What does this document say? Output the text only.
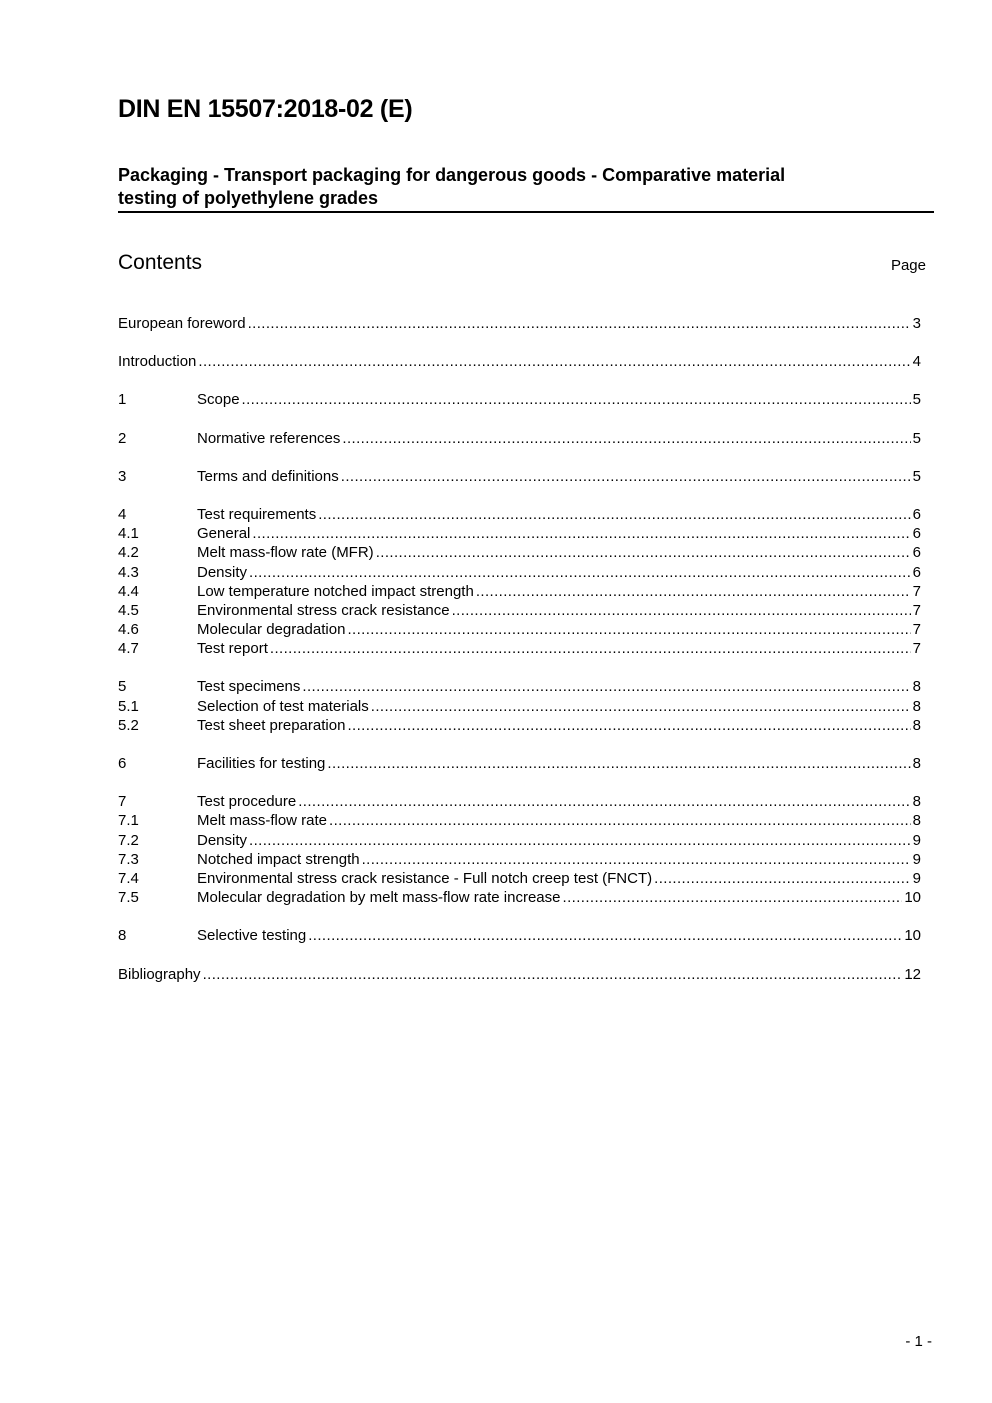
DIN EN 15507:2018-02 (E)
Packaging - Transport packaging for dangerous goods - Comparative material
testing of polyethylene grades
Contents	Page
European foreword .....	3
Introduction .....	4
1	Scope .....	5
2	Normative references .....	5
3	Terms and definitions .....	5
4	Test requirements .....	6
4.1	General .....	6
4.2	Melt mass-flow rate (MFR) .....	6
4.3	Density .....	6
4.4	Low temperature notched impact strength .....	7
4.5	Environmental stress crack resistance .....	7
4.6	Molecular degradation .....	7
4.7	Test report .....	7
5	Test specimens .....	8
5.1	Selection of test materials .....	8
5.2	Test sheet preparation .....	8
6	Facilities for testing .....	8
7	Test procedure .....	8
7.1	Melt mass-flow rate .....	8
7.2	Density .....	9
7.3	Notched impact strength .....	9
7.4	Environmental stress crack resistance - Full notch creep test (FNCT) .....	9
7.5	Molecular degradation by melt mass-flow rate increase .....	10
8	Selective testing .....	10
Bibliography .....	12
- 1 -
